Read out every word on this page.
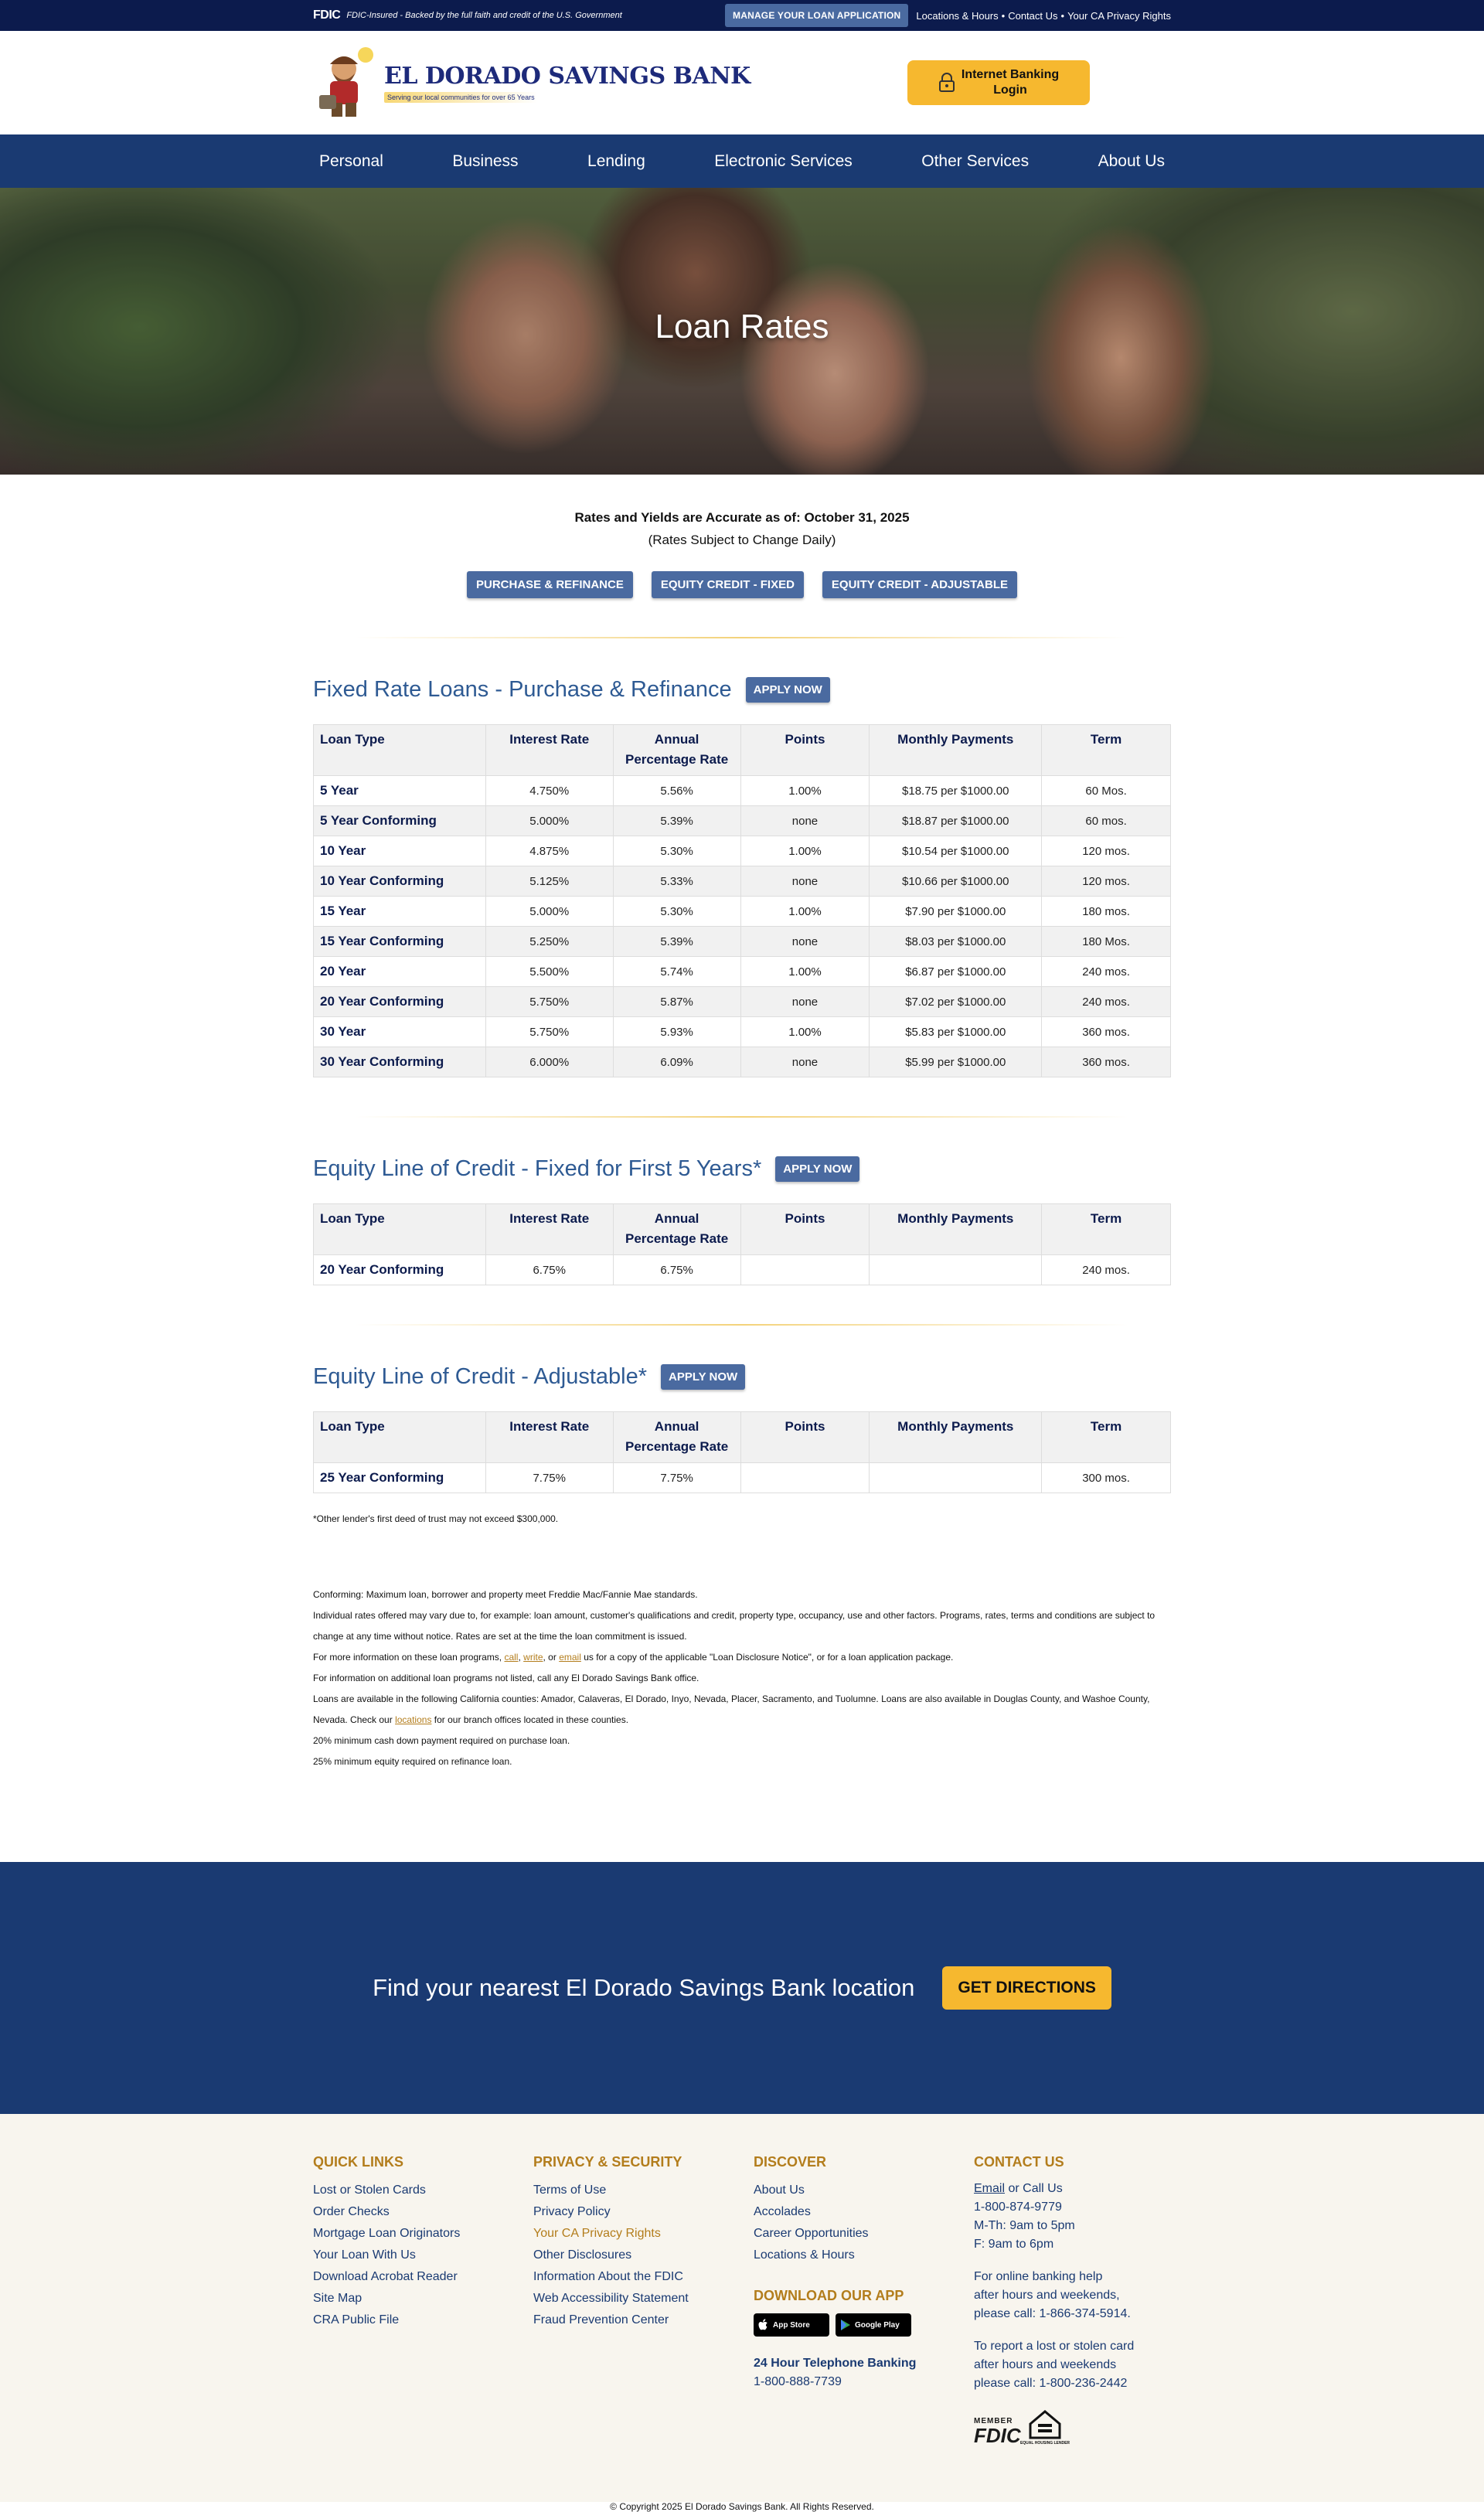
FDIC FDIC-Insured - Backed by the full faith and credit of the U.S. Government	MANAGE YOUR LOAN APPLICATION	Locations & Hours • Contact Us • Your CA Privacy Rights
EL DORADO SAVINGS BANK
Serving our local communities for over 65 Years
Internet Banking
Login
Personal	Business	Lending	Electronic Services	Other Services	About Us
Loan Rates
Rates and Yields are Accurate as of: October 31, 2025
(Rates Subject to Change Daily)
PURCHASE & REFINANCE	EQUITY CREDIT - FIXED	EQUITY CREDIT - ADJUSTABLE
Fixed Rate Loans - Purchase & Refinance	APPLY NOW
Loan Type	Interest Rate	Annual
Percentage Rate	Points	Monthly Payments	Term
5 Year	4.750%	5.56%	1.00%	$18.75 per $1000.00	60 Mos.
5 Year Conforming	5.000%	5.39%	none	$18.87 per $1000.00	60 mos.
10 Year	4.875%	5.30%	1.00%	$10.54 per $1000.00	120 mos.
10 Year Conforming	5.125%	5.33%	none	$10.66 per $1000.00	120 mos.
15 Year	5.000%	5.30%	1.00%	$7.90 per $1000.00	180 mos.
15 Year Conforming	5.250%	5.39%	none	$8.03 per $1000.00	180 Mos.
20 Year	5.500%	5.74%	1.00%	$6.87 per $1000.00	240 mos.
20 Year Conforming	5.750%	5.87%	none	$7.02 per $1000.00	240 mos.
30 Year	5.750%	5.93%	1.00%	$5.83 per $1000.00	360 mos.
30 Year Conforming	6.000%	6.09%	none	$5.99 per $1000.00	360 mos.
Equity Line of Credit - Fixed for First 5 Years*	APPLY NOW
Loan Type	Interest Rate	Annual
Percentage Rate	Points	Monthly Payments	Term
20 Year Conforming	6.75%	6.75%			240 mos.
Equity Line of Credit - Adjustable*	APPLY NOW
Loan Type	Interest Rate	Annual
Percentage Rate	Points	Monthly Payments	Term
25 Year Conforming	7.75%	7.75%			300 mos.
*Other lender's first deed of trust may not exceed $300,000.
Conforming: Maximum loan, borrower and property meet Freddie Mac/Fannie Mae standards.
Individual rates offered may vary due to, for example: loan amount, customer's qualifications and credit, property type, occupancy, use and other factors. Programs, rates, terms and conditions are subject to change at any time without notice. Rates are set at the time the loan commitment is issued.
For more information on these loan programs, call, write, or email us for a copy of the applicable "Loan Disclosure Notice", or for a loan application package.
For information on additional loan programs not listed, call any El Dorado Savings Bank office.
Loans are available in the following California counties: Amador, Calaveras, El Dorado, Inyo, Nevada, Placer, Sacramento, and Tuolumne. Loans are also available in Douglas County, and Washoe County, Nevada. Check our locations for our branch offices located in these counties.
20% minimum cash down payment required on purchase loan.
25% minimum equity required on refinance loan.
Find your nearest El Dorado Savings Bank location	GET DIRECTIONS
QUICK LINKS
Lost or Stolen Cards
Order Checks
Mortgage Loan Originators
Your Loan With Us
Download Acrobat Reader
Site Map
CRA Public File
PRIVACY & SECURITY
Terms of Use
Privacy Policy
Your CA Privacy Rights
Other Disclosures
Information About the FDIC
Web Accessibility Statement
Fraud Prevention Center
DISCOVER
About Us
Accolades
Career Opportunities
Locations & Hours
DOWNLOAD OUR APP
App Store	Google Play
24 Hour Telephone Banking
1-800-888-7739
CONTACT US

Email or Call Us

1-800-874-9779

M-Th: 9am to 5pm

F: 9am to 6pm

For online banking help

after hours and weekends,

please call: 1-866-374-5914.

To report a lost or stolen card

after hours and weekends

please call: 1-800-236-2442

MEMBER
FDIC
EQUAL HOUSING LENDER
© Copyright 2025 El Dorado Savings Bank. All Rights Reserved.
